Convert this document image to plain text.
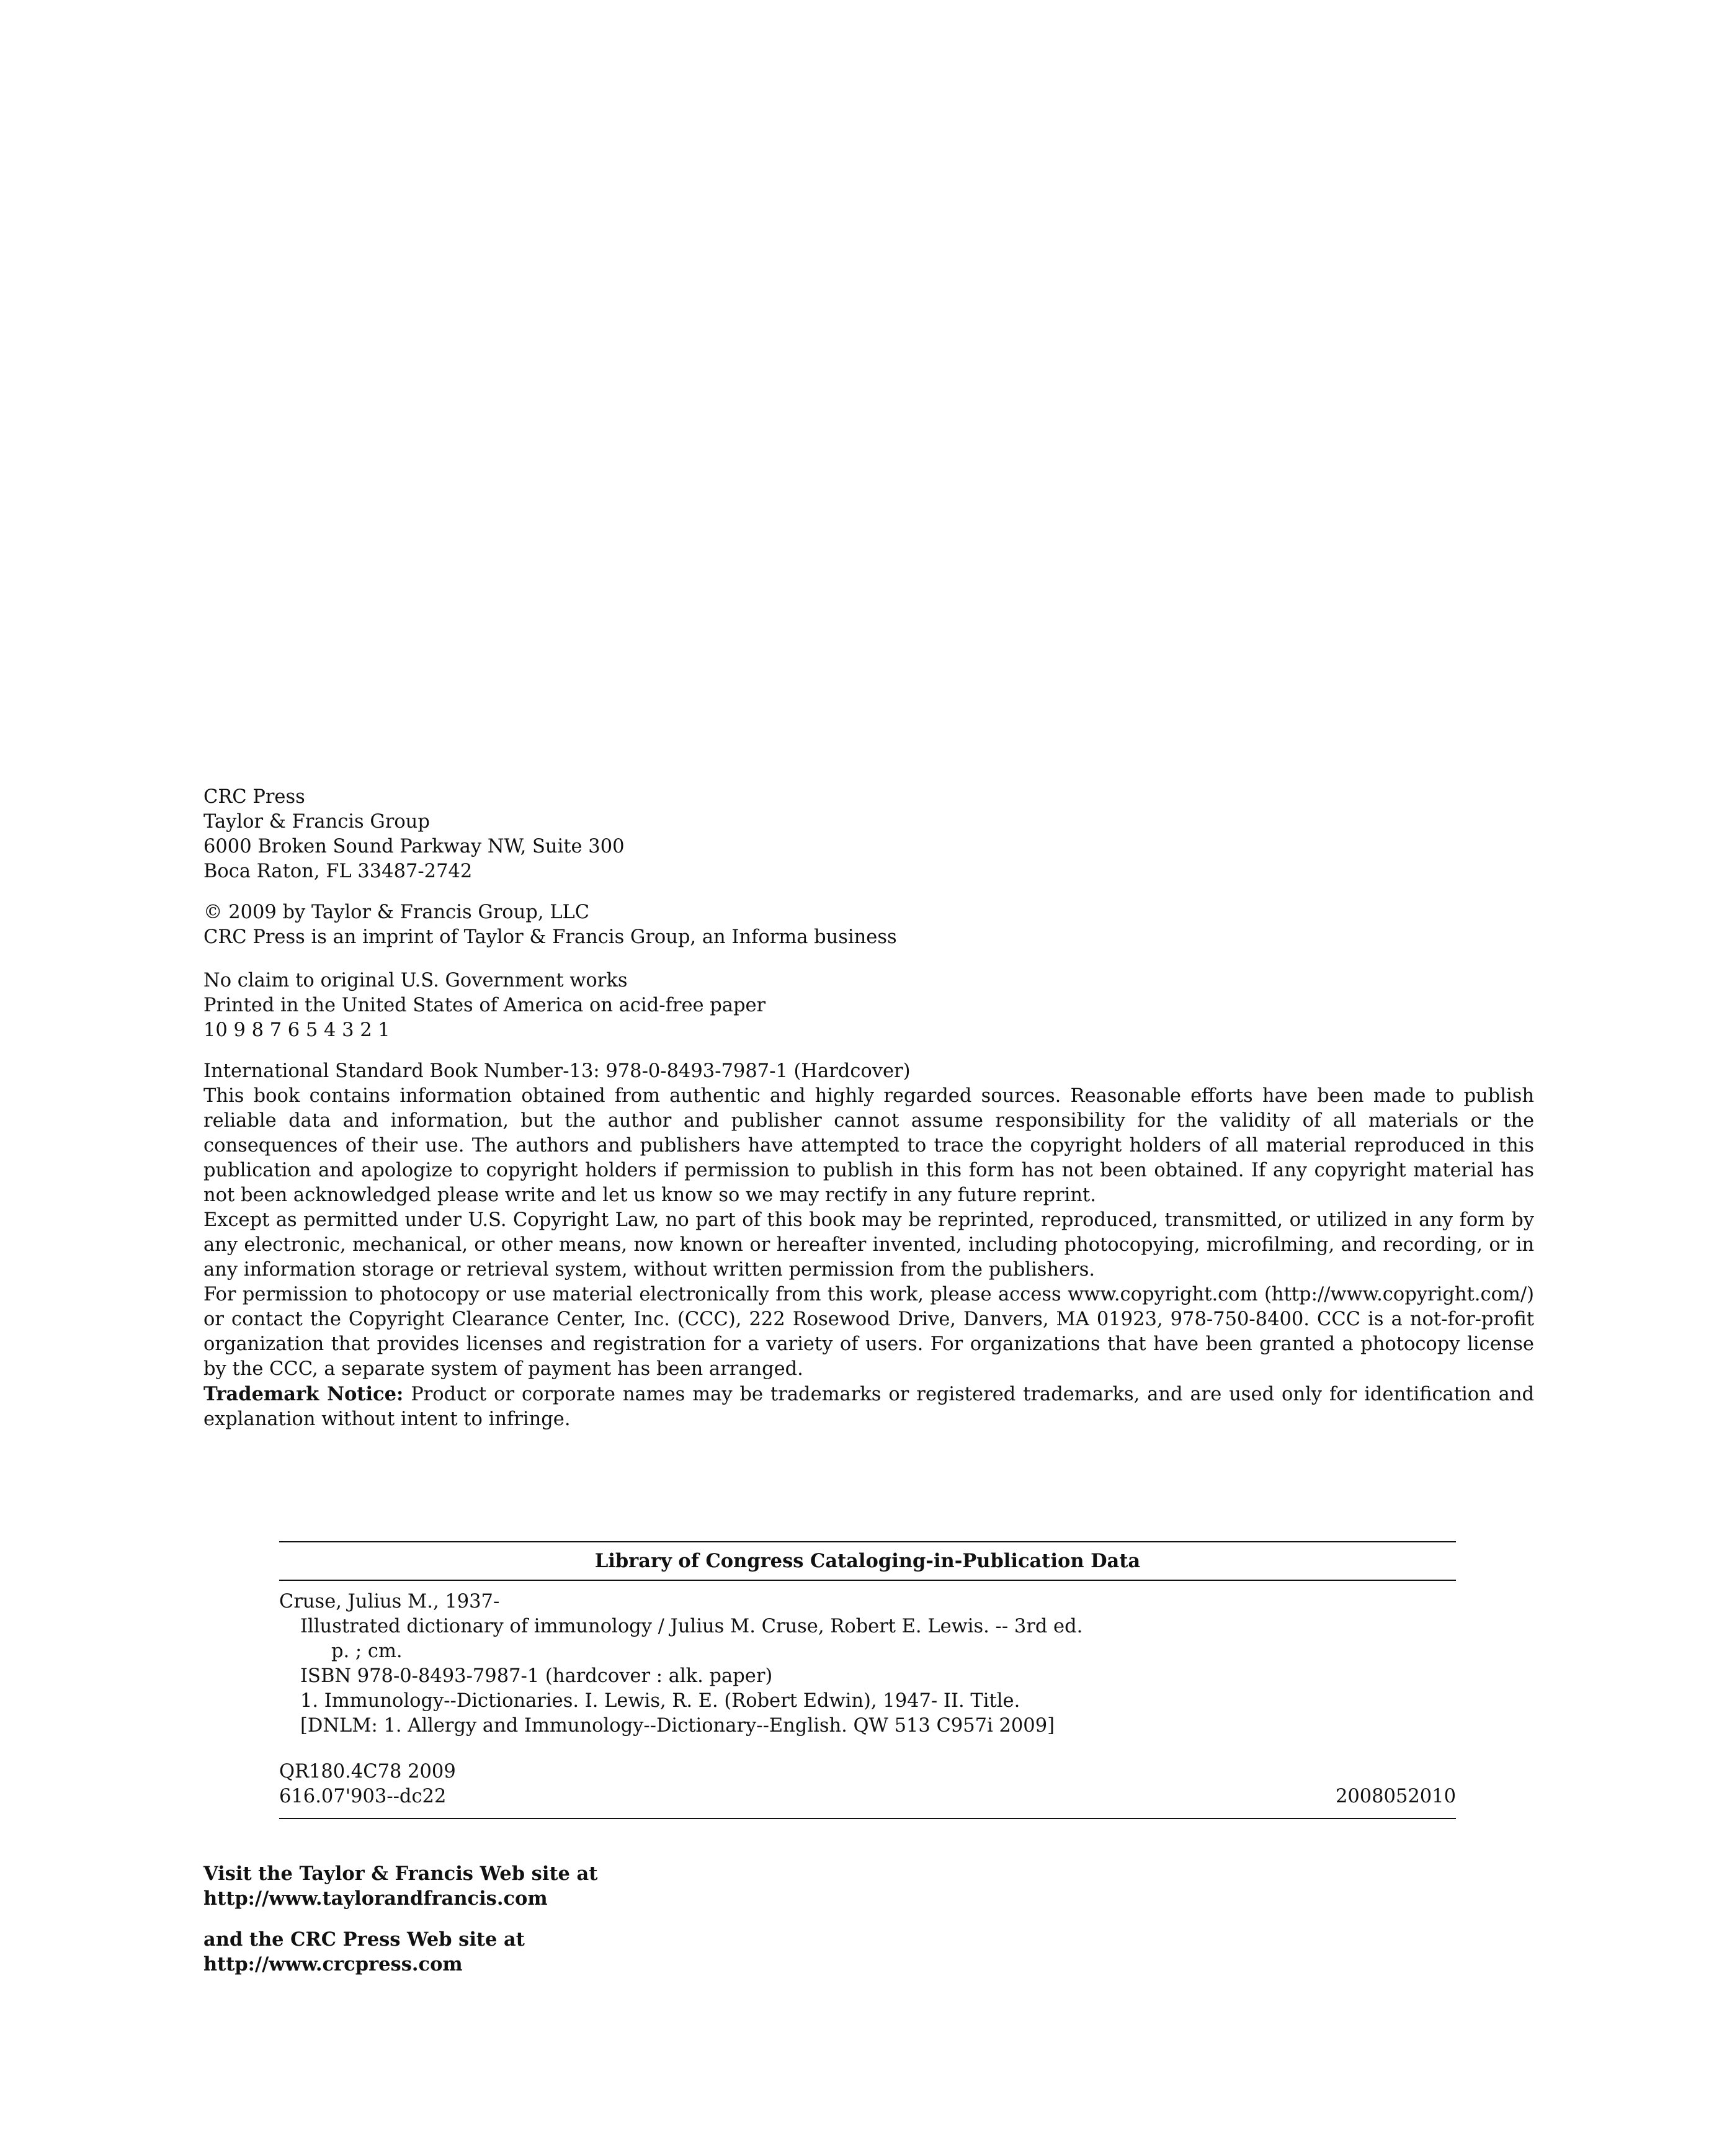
CRC Press
Taylor & Francis Group
6000 Broken Sound Parkway NW, Suite 300
Boca Raton, FL 33487-2742
© 2009 by Taylor & Francis Group, LLC
CRC Press is an imprint of Taylor & Francis Group, an Informa business
No claim to original U.S. Government works
Printed in the United States of America on acid-free paper
10 9 8 7 6 5 4 3 2 1
International Standard Book Number-13: 978-0-8493-7987-1 (Hardcover)

This book contains information obtained from authentic and highly regarded sources. Reasonable efforts have been made to publish reliable data and information, but the author and publisher cannot assume responsibility for the validity of all materials or the consequences of their use. The authors and publishers have attempted to trace the copyright holders of all material reproduced in this publication and apologize to copyright holders if permission to publish in this form has not been obtained. If any copyright material has not been acknowledged please write and let us know so we may rectify in any future reprint.

Except as permitted under U.S. Copyright Law, no part of this book may be reprinted, reproduced, transmitted, or utilized in any form by any electronic, mechanical, or other means, now known or hereafter invented, including photocopying, microfilming, and recording, or in any information storage or retrieval system, without written permission from the publishers.

For permission to photocopy or use material electronically from this work, please access www.copyright.com (http://www.copyright.com/) or contact the Copyright Clearance Center, Inc. (CCC), 222 Rosewood Drive, Danvers, MA 01923, 978-750-8400. CCC is a not-for-profit organization that provides licenses and registration for a variety of users. For organizations that have been granted a photocopy license by the CCC, a separate system of payment has been arranged.

Trademark Notice: Product or corporate names may be trademarks or registered trademarks, and are used only for identification and explanation without intent to infringe.

Library of Congress Cataloging-in-Publication Data
Cruse, Julius M., 1937-
Illustrated dictionary of immunology / Julius M. Cruse, Robert E. Lewis. -- 3rd ed.
p. ; cm.
ISBN 978-0-8493-7987-1 (hardcover : alk. paper)
1. Immunology--Dictionaries. I. Lewis, R. E. (Robert Edwin), 1947- II. Title.
[DNLM: 1. Allergy and Immunology--Dictionary--English. QW 513 C957i 2009]
QR180.4C78 2009
616.07'903--dc22	2008052010
Visit the Taylor & Francis Web site at
http://www.taylorandfrancis.com
and the CRC Press Web site at
http://www.crcpress.com
